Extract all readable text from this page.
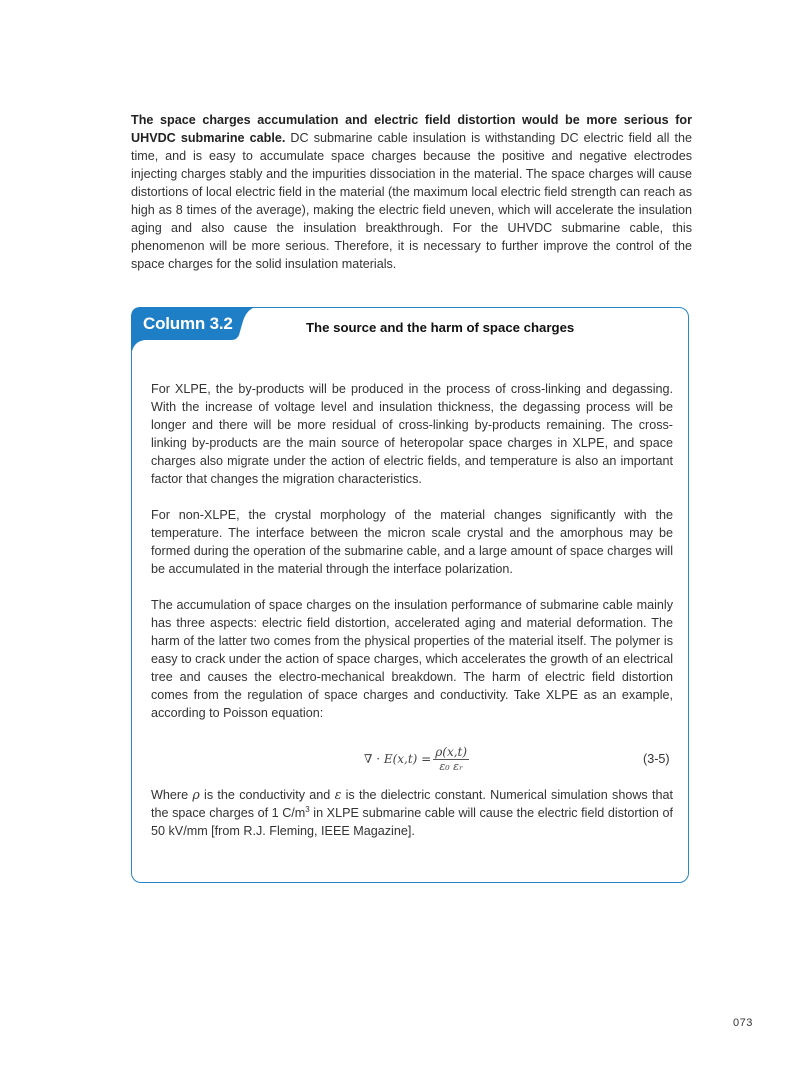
The space charges accumulation and electric field distortion would be more serious for UHVDC submarine cable. DC submarine cable insulation is withstanding DC electric field all the time, and is easy to accumulate space charges because the positive and negative electrodes injecting charges stably and the impurities dissociation in the material. The space charges will cause distortions of local electric field in the material (the maximum local electric field strength can reach as high as 8 times of the average), making the electric field uneven, which will accelerate the insulation aging and also cause the insulation breakthrough. For the UHVDC submarine cable, this phenomenon will be more serious. Therefore, it is necessary to further improve the control of the space charges for the solid insulation materials.
Column 3.2	The source and the harm of space charges
For XLPE, the by-products will be produced in the process of cross-linking and degassing. With the increase of voltage level and insulation thickness, the degassing process will be longer and there will be more residual of cross-linking by-products remaining. The cross-linking by-products are the main source of heteropolar space charges in XLPE, and space charges also migrate under the action of electric fields, and temperature is also an important factor that changes the migration characteristics.
For non-XLPE, the crystal morphology of the material changes significantly with the temperature. The interface between the micron scale crystal and the amorphous may be formed during the operation of the submarine cable, and a large amount of space charges will be accumulated in the material through the interface polarization.
The accumulation of space charges on the insulation performance of submarine cable mainly has three aspects: electric field distortion, accelerated aging and material deformation. The harm of the latter two comes from the physical properties of the material itself. The polymer is easy to crack under the action of space charges, which accelerates the growth of an electrical tree and causes the electro-mechanical breakdown. The harm of electric field distortion comes from the regulation of space charges and conductivity. Take XLPE as an example, according to Poisson equation:
∇ · $E(x,t) = \frac{\rho(x,t)}{\text{ε₀ εᵣ}}$	(3-5)
Where ρ is the conductivity and ε is the dielectric constant. Numerical simulation shows that the space charges of 1 $C/m^3$ in XLPE submarine cable will cause the electric field distortion of 50 kV/mm [from R.J. Fleming, IEEE Magazine].
073
